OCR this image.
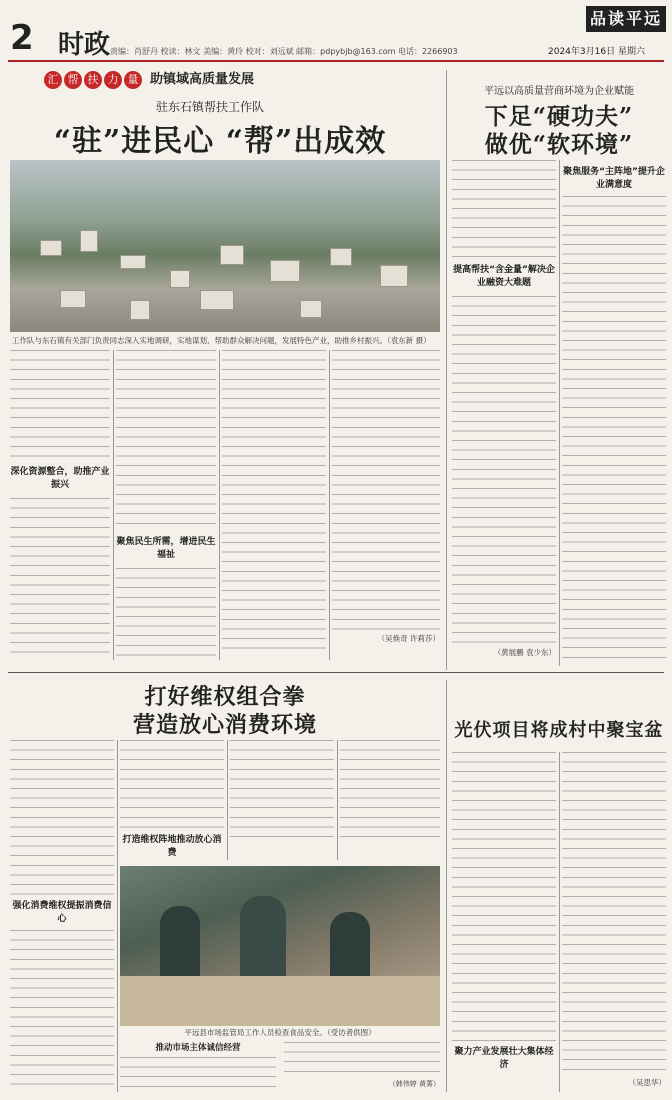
2 时政 责编：肖舒丹 校读：林文 美编：黄玲 校对：刘远斌 邮箱：pdpybjb@163.com 电话：2266903
品读平远
2024年3月16日 星期六
汇 帮 扶 力 量 助镇域高质量发展
驻东石镇帮扶工作队
“驻”进民心 “帮”出成效
工作队与东石镇有关部门负责同志深入实地调研，实地谋划，帮助群众解决问题，发展特色产业，助推乡村振兴。（袁东新 摄）
深化资源整合，助推产业振兴
聚焦民生所需，增进民生福祉
（吴焕奇 许莉莎）
平远以高质量营商环境为企业赋能
下足“硬功夫”
做优“软环境”
提高帮扶“含金量”解决企业融资大难题
（黄展鹏 袁少东）
聚焦服务“主阵地”提升企业满意度
打好维权组合拳
营造放心消费环境
强化消费维权提振消费信心
打造维权阵地推动放心消费
平远县市场监管局工作人员检查食品安全。（受访者供图）
推动市场主体诚信经营
（韩伟婷 黄菁）
光伏项目将成村中聚宝盆
聚力产业发展壮大集体经济
（吴思华）
